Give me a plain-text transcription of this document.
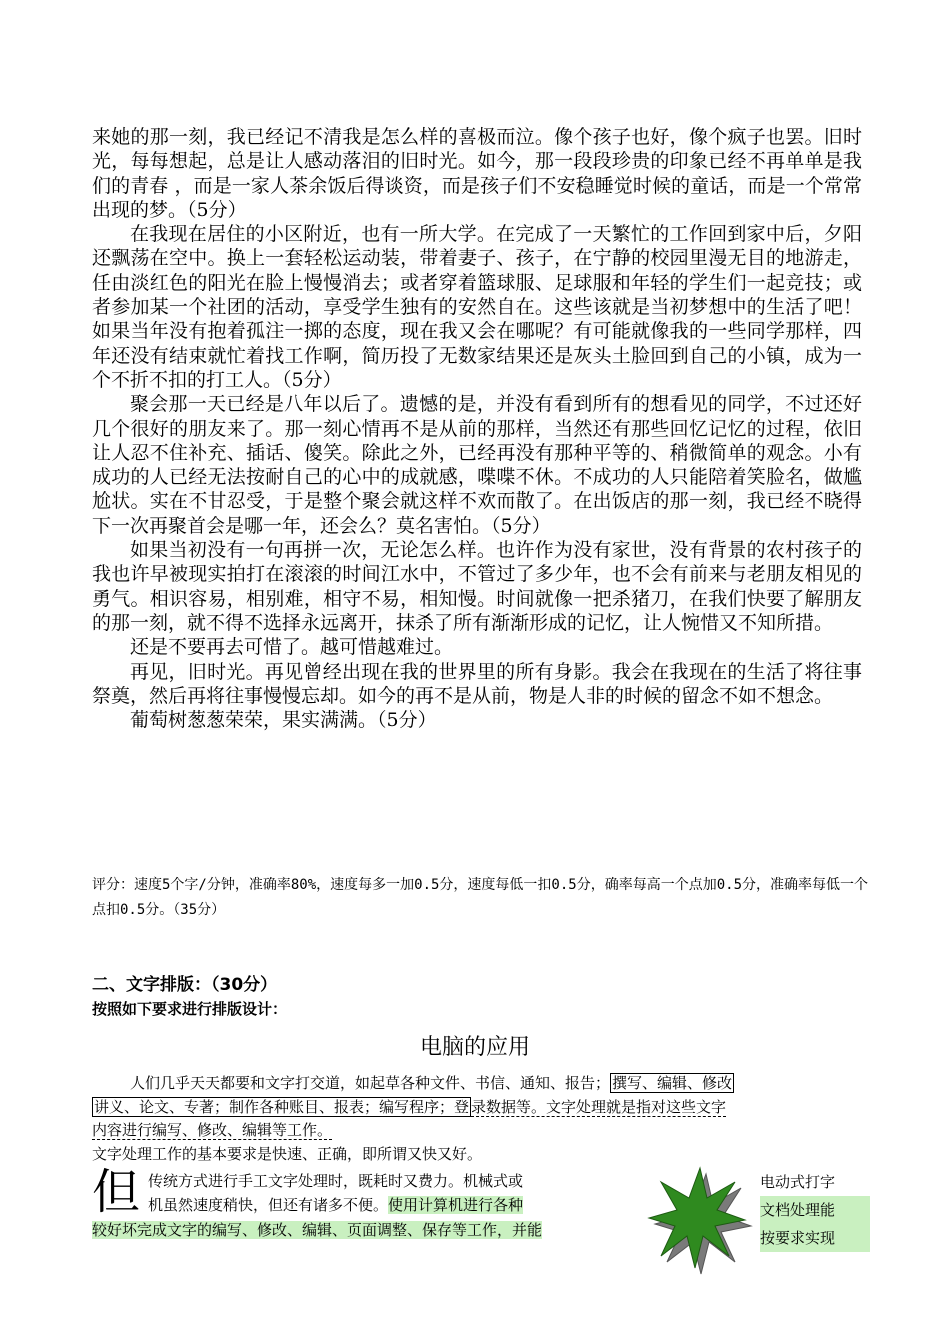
来她的那一刻，我已经记不清我是怎么样的喜极而泣。像个孩子也好，像个疯子也罢。旧时光，每每想起，总是让人感动落泪的旧时光。如今，那一段段珍贵的印象已经不再单单是我们的青春 ，而是一家人茶余饭后得谈资，而是孩子们不安稳睡觉时候的童话，而是一个常常出现的梦。（5分）

在我现在居住的小区附近，也有一所大学。在完成了一天繁忙的工作回到家中后，夕阳还飘荡在空中。换上一套轻松运动装，带着妻子、孩子，在宁静的校园里漫无目的地游走，任由淡红色的阳光在脸上慢慢消去；或者穿着篮球服、足球服和年轻的学生们一起竞技；或者参加某一个社团的活动，享受学生独有的安然自在。这些该就是当初梦想中的生活了吧！如果当年没有抱着孤注一掷的态度，现在我又会在哪呢？有可能就像我的一些同学那样，四年还没有结束就忙着找工作啊，简历投了无数家结果还是灰头土脸回到自己的小镇，成为一个不折不扣的打工人。（5分）

聚会那一天已经是八年以后了。遗憾的是，并没有看到所有的想看见的同学，不过还好几个很好的朋友来了。那一刻心情再不是从前的那样，当然还有那些回忆记忆的过程，依旧让人忍不住补充、插话、傻笑。除此之外，已经再没有那种平等的、稍微简单的观念。小有成功的人已经无法按耐自己的心中的成就感，喋喋不休。不成功的人只能陪着笑脸名，做尴尬状。实在不甘忍受，于是整个聚会就这样不欢而散了。在出饭店的那一刻，我已经不晓得下一次再聚首会是哪一年，还会么？莫名害怕。（5分）

如果当初没有一句再拼一次，无论怎么样。也许作为没有家世，没有背景的农村孩子的我也许早被现实拍打在滚滚的时间江水中，不管过了多少年，也不会有前来与老朋友相见的勇气。相识容易，相别难，相守不易，相知慢。时间就像一把杀猪刀，在我们快要了解朋友的那一刻，就不得不选择永远离开，抹杀了所有渐渐形成的记忆，让人惋惜又不知所措。

还是不要再去可惜了。越可惜越难过。

再见，旧时光。再见曾经出现在我的世界里的所有身影。我会在我现在的生活了将往事祭奠，然后再将往事慢慢忘却。如今的再不是从前，物是人非的时候的留念不如不想念。

葡萄树葱葱荣荣，果实满满。（5分）

评分：速度5个字/分钟，准确率80%，速度每多一加0.5分，速度每低一扣0.5分，确率每高一个点加0.5分，准确率每低一个点扣0.5分。（35分）

二、文字排版：（30分）

按照如下要求进行排版设计：

电脑的应用

人们几乎天天都要和文字打交道，如起草各种文件、书信、通知、报告； 撰写、编辑、修改

讲义、论文、专著；制作各种账目、报表；编写程序；登 录数据等。文字处理就是指对这些文字

内容进行编写、修改、编辑等工作。

文字处理工作的基本要求是快速、正确，即所谓又快又好。

但 传统方式进行手工文字处理时，既耗时又费力。机械式或

机虽然速度稍快，但还有诸多不便。使用计算机进行各种

较好坏完成文字的编写、修改、编辑、页面调整、保存等工作，并能

电动式打字
文档处理能
按要求实现
